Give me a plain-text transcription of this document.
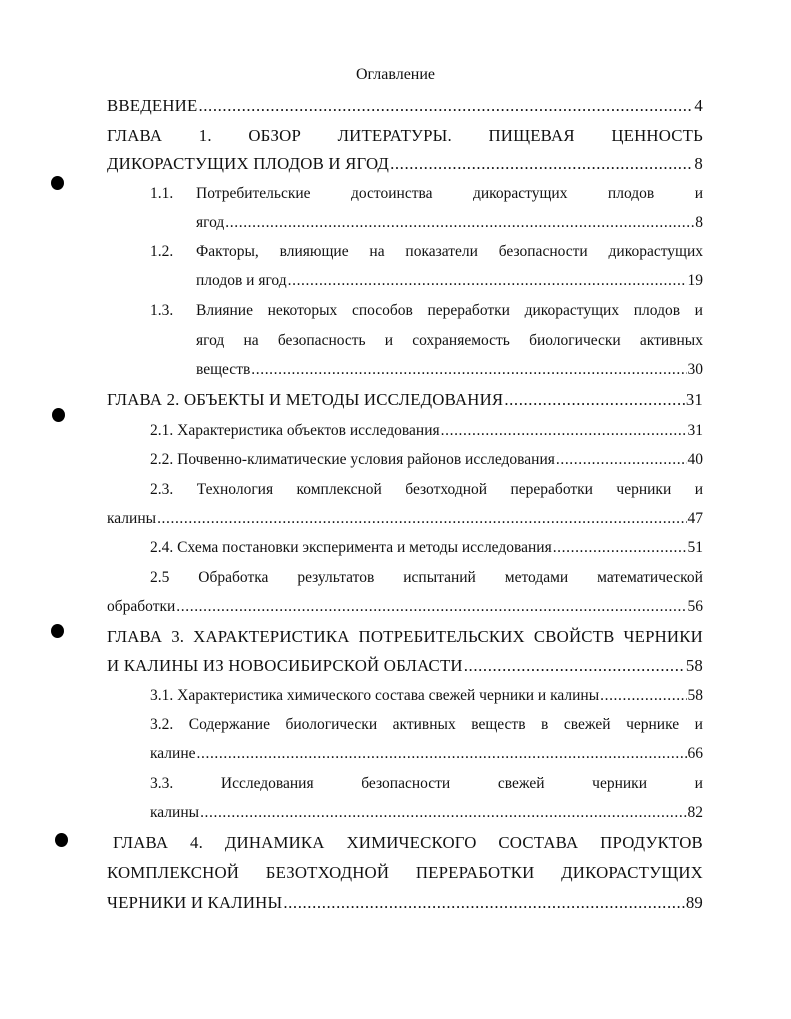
Оглавление
ВВЕДЕНИЕ .....	4
ГЛАВА 1. ОБЗОР ЛИТЕРАТУРЫ. ПИЩЕВАЯ ЦЕННОСТЬ
ДИКОРАСТУЩИХ ПЛОДОВ И ЯГОД .....	8
1.1. Потребительские	достоинства	дикорастущих	плодов	и
ягод .....	8
1.2. Факторы, влияющие на показатели безопасности дикорастущих
плодов и ягод .....	19
1.3. Влияние некоторых способов переработки дикорастущих плодов и
ягод на безопасность и сохраняемость биологически активных
веществ .....	30
ГЛАВА 2. ОБЪЕКТЫ И МЕТОДЫ ИССЛЕДОВАНИЯ .....	31
2.1. Характеристика объектов исследования .....	31
2.2. Почвенно-климатические условия районов исследования .....	40
2.3. Технология комплексной безотходной переработки черники и
калины .....	47
2.4. Схема постановки эксперимента и методы исследования .....	51
2.5 Обработка результатов испытаний методами математической
обработки .....	56
ГЛАВА 3. ХАРАКТЕРИСТИКА ПОТРЕБИТЕЛЬСКИХ СВОЙСТВ ЧЕРНИКИ
И КАЛИНЫ ИЗ НОВОСИБИРСКОЙ ОБЛАСТИ .....	58
3.1. Характеристика химического состава свежей черники и калины .....	58
3.2. Содержание биологически активных веществ в свежей чернике и
калине .....	66
3.3.	Исследования	безопасности	свежей	черники	и
калины .....	82
ГЛАВА 4. ДИНАМИКА ХИМИЧЕСКОГО СОСТАВА ПРОДУКТОВ
КОМПЛЕКСНОЙ БЕЗОТХОДНОЙ ПЕРЕРАБОТКИ ДИКОРАСТУЩИХ
ЧЕРНИКИ И КАЛИНЫ .....	89
